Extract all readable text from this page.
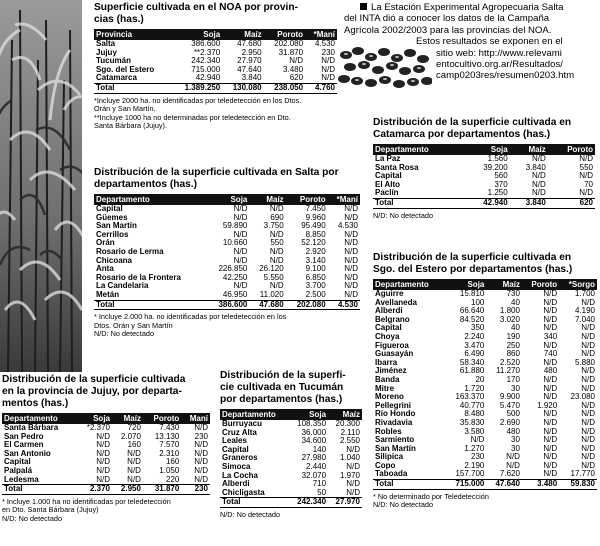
La Estación Experimental Agropecuaria Salta
del INTA dió a conocer los datos de la Campaña
Agrícola 2002/2003 para las provincias del NOA.
Estos resultados se exponen en el
sitio web: http://www.relevami
entocultivo.org.ar/Resultados/
camp0203res/resumen0203.htm
Superficie cultivada en el NOA por provin-
cias (has.)
Provincia	Soja	Maíz	Poroto	*Maní
Salta	386.600	47.680	202.080	4.530
Jujuy	**2.370	2.950	31.870	230
Tucumán	242.340	27.970	N/D	N/D
Sgo. del Estero	715.000	47.640	3.480	N/D
Catamarca	42.940	3.840	620	N/D
Total	1.389.250	130.080	238.050	4.760
*Incluye 2000 ha. no identificadas por teledetección en los Dtos.
Orán y San Martín.
**Incluye 1000 ha no determinadas por teledetección en Dto.
Santa Bárbara (Jujuy).
Distribución de la superficie cultivada en Salta por
departamentos (has.)
Departamento	Soja	Maíz	Poroto	*Maní
Capital	N/D	N/D	7.450	N/D
Güemes	N/D	690	9.960	N/D
San Martín	59.890	3.750	95.490	4.530
Cerrillos	N/D	N/D	8.850	N/D
Orán	10.660	550	52.120	N/D
Rosario de Lerma	N/D	N/D	2.920	N/D
Chicoana	N/D	N/D	3.140	N/D
Anta	226.850	26.120	9.100	N/D
Rosario de la Frontera	42.250	5.550	6.850	N/D
La Candelaria	N/D	N/D	3.700	N/D
Metán	46.950	11.020	2.500	N/D
Total	386.600	47.680	202.080	4.530
* Incluye 2.000 ha. no identificadas por teledetección en los
Dtos. Orán y San Martín
N/D: No detectado
Distribución de la superficie cultivada
en la provincia de Jujuy, por departa-
mentos (has.)
Departamento	Soja	Maíz	Poroto	Maní
Santa Bárbara	*2.370	720	7.430	N/D
San Pedro	N/D	2.070	13.130	230
El Carmen	N/D	160	7.570	N/D
San Antonio	N/D	N/D	2.310	N/D
Capital	N/D	N/D	160	N/D
Palpalá	N/D	N/D	1.050	N/D
Ledesma	N/D	N/D	220	N/D
Total	2.370	2.950	31.870	230
* Incluye 1.000 ha no identificadas por teledetección
en Dto. Santa Bárbara (Jujuy)
N/D: No detectado
Distribución de la superfi-
cie cultivada en Tucumán
por departamentos (has.)
Departamento	Soja	Maíz
Burruyacu	108.350	20.300
Cruz Alta	36.000	2.110
Leales	34.600	2.550
Capital	140	N/D
Graneros	27.980	1.040
Simoca	2.440	N/D
La Cocha	32.070	1.970
Alberdi	710	N/D
Chicligasta	50	N/D
Total	242.340	27.970
N/D: No detectado
Distribución de la superficie cultivada en
Catamarca por departamentos (has.)
Departamento	Soja	Maíz	Poroto
La Paz	1.560	N/D	N/D
Santa Rosa	39.200	3.840	550
Capital	560	N/D	N/D
El Alto	370	N/D	70
Paclín	1.250	N/D	N/D
Total	42.940	3.840	620
N/D: No detectado
Distribución de la superficie cultivada en
Sgo. del Estero por departamentos (has.)
Departamento	Soja	Maíz	Poroto	*Sorgo
Aguirre	15.810	730	N/D	1.700
Avellaneda	100	40	N/D	N/D
Alberdi	66.640	1.800	N/D	4.190
Belgrano	84.520	3.020	N/D	7.040
Capital	350	40	N/D	N/D
Choya	2.240	190	340	N/D
Figueroa	3.470	250	N/D	N/D
Guasayán	6.490	860	740	N/D
Ibarra	58.340	2.520	N/D	5.880
Jiménez	61.880	11.270	480	N/D
Banda	20	170	N/D	N/D
Mitre	1.720	30	N/D	N/D
Moreno	163.370	9.900	N/D	23.080
Pellegrini	40.770	5.470	1.920	N/D
Río Hondo	8.480	500	N/D	N/D
Rivadavia	35.830	2.690	N/D	N/D
Robles	3.580	480	N/D	N/D
Sarmiento	N/D	30	N/D	N/D
San Martín	1.270	30	N/D	N/D
Silipica	230	N/D	N/D	N/D
Copo	2.190	N/D	N/D	N/D
Taboada	157.700	7.620	N/D	17.770
Total	715.000	47.640	3.480	59.830
* No determinado por Teledetección
N/D: No detectado
